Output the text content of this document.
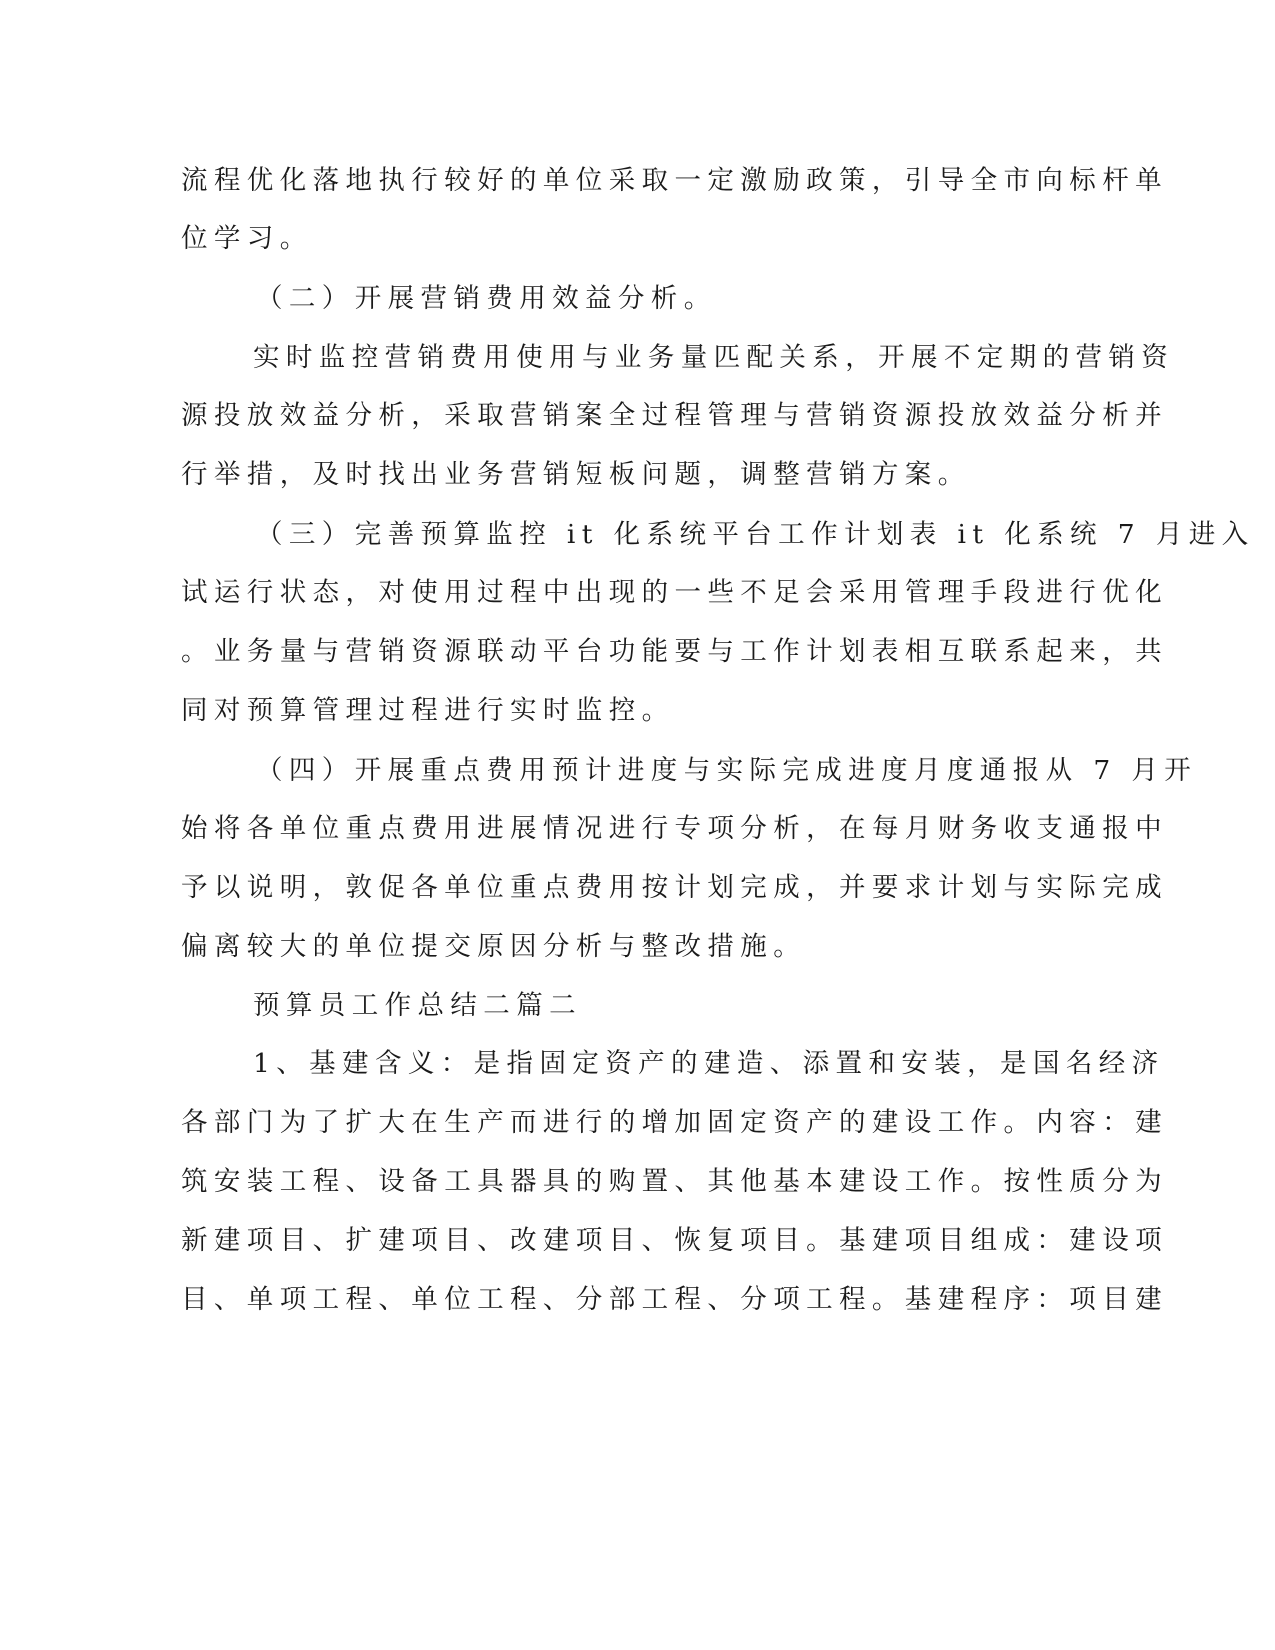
流程优化落地执行较好的单位采取一定激励政策，引导全市向标杆单
位学习。
（二）开展营销费用效益分析。
实时监控营销费用使用与业务量匹配关系，开展不定期的营销资
源投放效益分析，采取营销案全过程管理与营销资源投放效益分析并
行举措，及时找出业务营销短板问题，调整营销方案。
（三）完善预算监控 it 化系统平台工作计划表 it 化系统 7 月进入
试运行状态，对使用过程中出现的一些不足会采用管理手段进行优化
。业务量与营销资源联动平台功能要与工作计划表相互联系起来，共
同对预算管理过程进行实时监控。
（四）开展重点费用预计进度与实际完成进度月度通报从 7 月开
始将各单位重点费用进展情况进行专项分析，在每月财务收支通报中
予以说明，敦促各单位重点费用按计划完成，并要求计划与实际完成
偏离较大的单位提交原因分析与整改措施。
预算员工作总结二篇二
1、基建含义：是指固定资产的建造、添置和安装，是国名经济
各部门为了扩大在生产而进行的增加固定资产的建设工作。内容：建
筑安装工程、设备工具器具的购置、其他基本建设工作。按性质分为
新建项目、扩建项目、改建项目、恢复项目。基建项目组成：建设项
目、单项工程、单位工程、分部工程、分项工程。基建程序：项目建
